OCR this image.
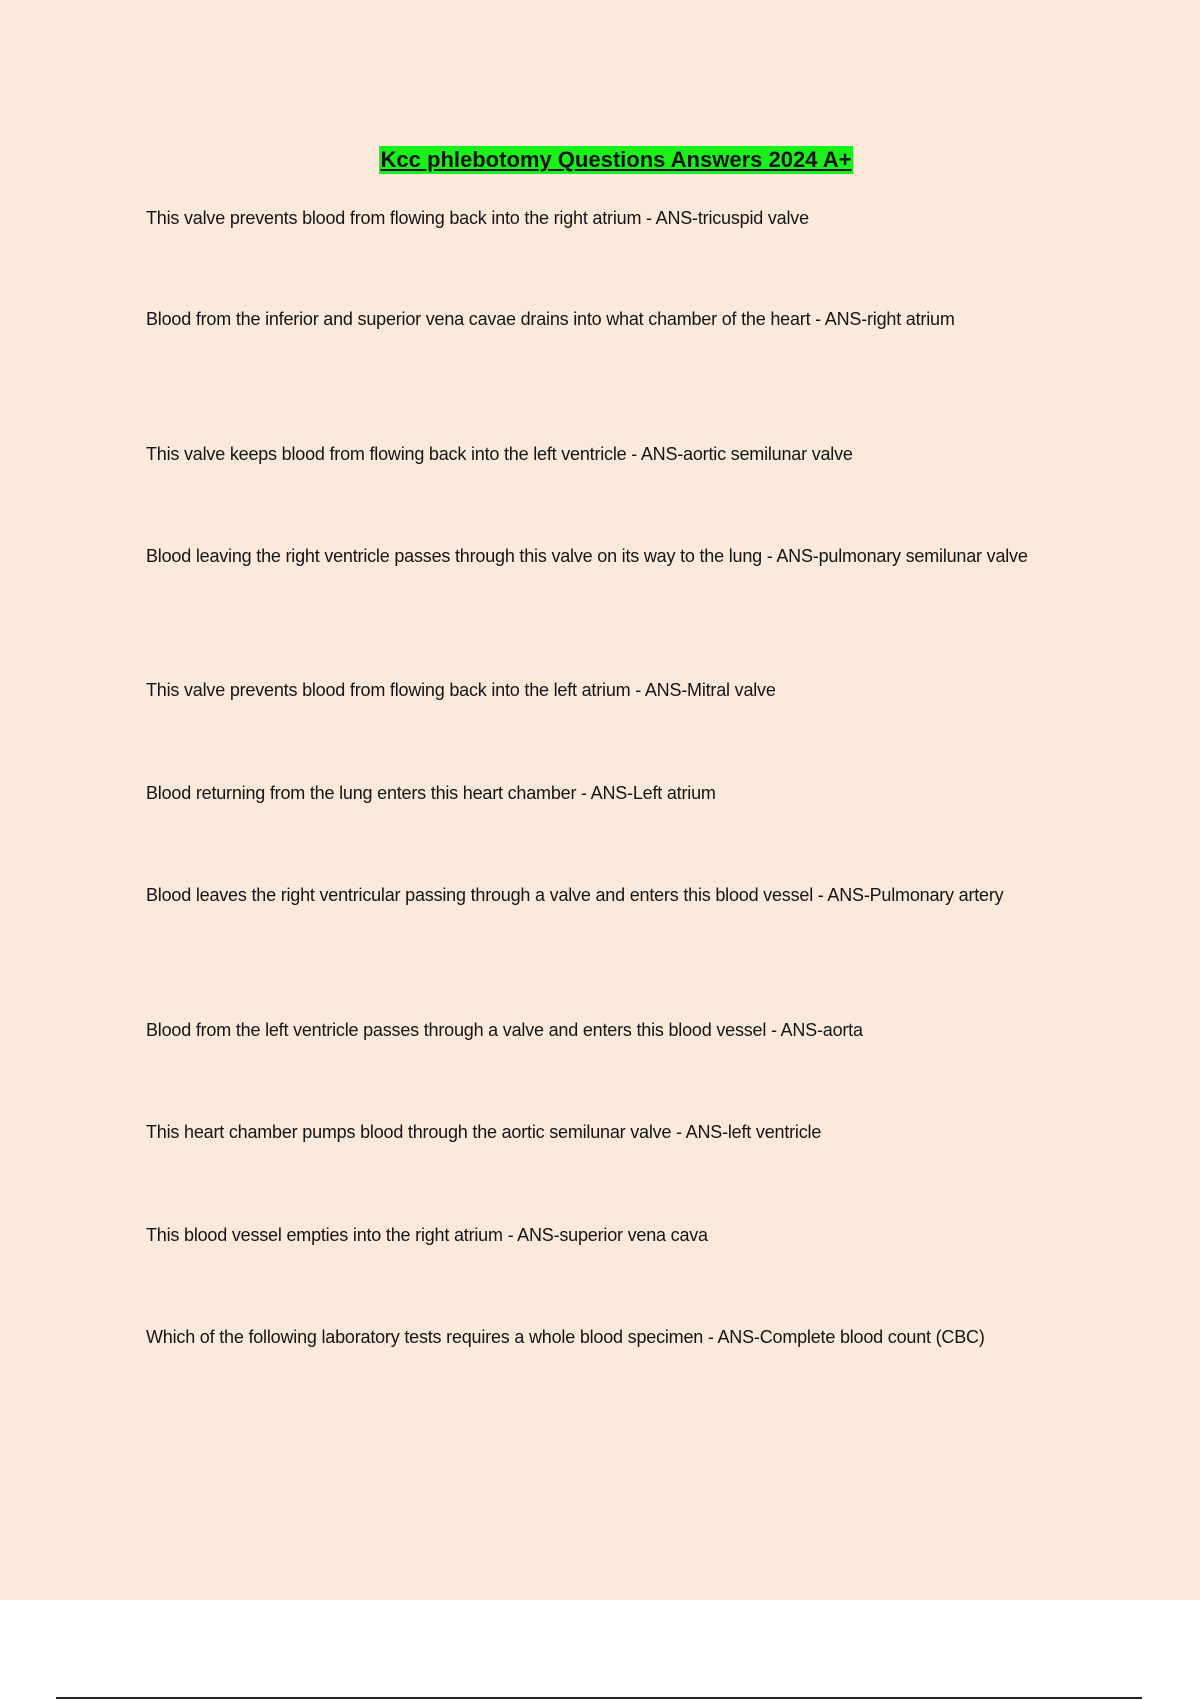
Kcc phlebotomy Questions Answers 2024 A+
This valve prevents blood from flowing back into the right atrium - ANS-tricuspid valve
Blood from the inferior and superior vena cavae drains into what chamber of the heart - ANS-right atrium
This valve keeps blood from flowing back into the left ventricle - ANS-aortic semilunar valve
Blood leaving the right ventricle passes through this valve on its way to the lung - ANS-pulmonary semilunar valve
This valve prevents blood from flowing back into the left atrium - ANS-Mitral valve
Blood returning from the lung enters this heart chamber - ANS-Left atrium
Blood leaves the right ventricular passing through a valve and enters this blood vessel - ANS-Pulmonary artery
Blood from the left ventricle passes through a valve and enters this blood vessel - ANS-aorta
This heart chamber pumps blood through the aortic semilunar valve - ANS-left ventricle
This blood vessel empties into the right atrium - ANS-superior vena cava
Which of the following laboratory tests requires a whole blood specimen - ANS-Complete blood count (CBC)
